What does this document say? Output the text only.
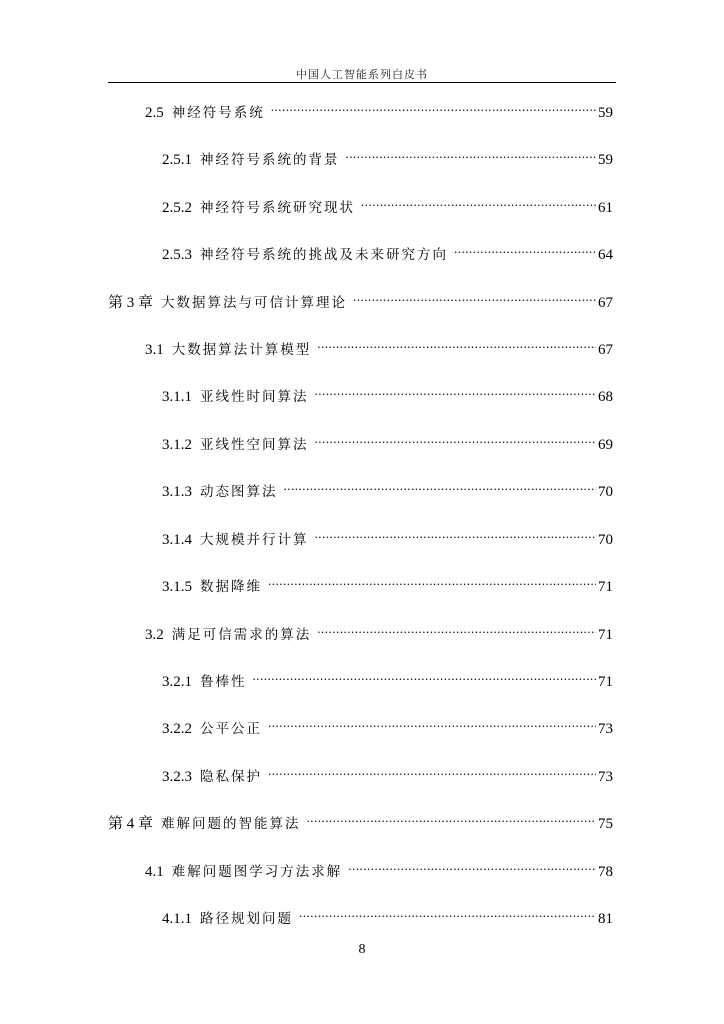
中国人工智能系列白皮书
2.5 神经符号系统 .....	59
2.5.1 神经符号系统的背景 .....	59
2.5.2 神经符号系统研究现状 .....	61
2.5.3 神经符号系统的挑战及未来研究方向 .....	64
第 3 章 大数据算法与可信计算理论 .....	67
3.1 大数据算法计算模型 .....	67
3.1.1 亚线性时间算法 .....	68
3.1.2 亚线性空间算法 .....	69
3.1.3 动态图算法 .....	70
3.1.4 大规模并行计算 .....	70
3.1.5 数据降维 .....	71
3.2 满足可信需求的算法 .....	71
3.2.1 鲁棒性 .....	71
3.2.2 公平公正 .....	73
3.2.3 隐私保护 .....	73
第 4 章 难解问题的智能算法 .....	75
4.1 难解问题图学习方法求解 .....	78
4.1.1 路径规划问题 .....	81
8
